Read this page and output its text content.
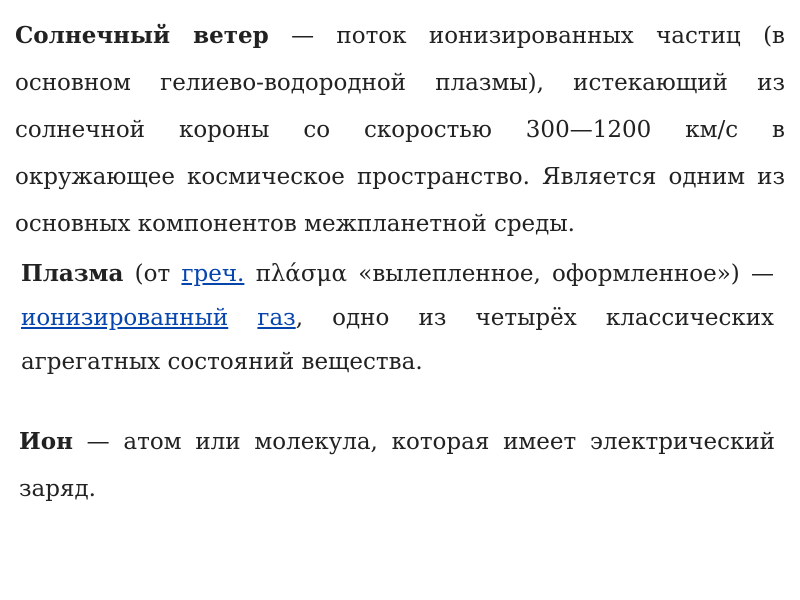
Солнечный ветер — поток ионизированных частиц (в основном гелиево-водородной плазмы), истекающий из солнечной короны со скоростью 300—1200 км/с в окружающее космическое пространство. Является одним из основных компонентов межпланетной среды.

Плазма (от греч. πλάσμα «вылепленное, оформленное») — ионизированный газ, одно из четырёх классических агрегатных состояний вещества.

Ион — атом или молекула, которая имеет электрический заряд.
